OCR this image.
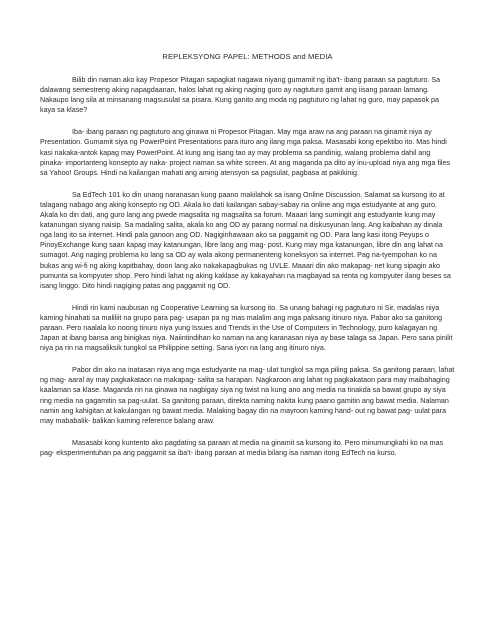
REPLEKSYONG PAPEL: METHODS and MEDIA

Bilib din naman ako kay Propesor Pitagan sapagkat nagawa niyang gumamit ng iba't- ibang paraan sa pagtuturo. Sa dalawang semestreng aking napagdaanan, halos lahat ng aking naging guro ay nagtuturo gamit ang iisang paraan lamang. Nakaupo lang sila at minsanang magsusulat sa pisara. Kung ganito ang moda ng pagtuturo ng lahat ng guro, may papasok pa kaya sa klase?

Iba- ibang paraan ng pagtuturo ang ginawa ni Propesor Pitagan. May mga araw na ang paraan na ginamit niya ay Presentation. Gumamit siya ng PowerPoint Presentations para ituro ang ilang mga paksa. Masasabi kong epektibo ito. Mas hindi kasi nakaka-antok kapag may PowerPoint. At kung ang isang tao ay may problema sa pandinig, walang problema dahil ang pinaka- importanteng konsepto ay naka- project naman sa white screen. At ang maganda pa dito ay inu-upload niya ang mga files sa Yahoo! Groups. Hindi na kailangan mahati ang aming atensyon sa pagsulat, pagbasa at pakikinig.

Sa EdTech 101 ko din unang naranasan kung paano makilahok sa isang Online Discussion. Salamat sa kursong ito at talagang nabago ang aking konsepto ng OD. Akala ko dati kailangan sabay-sabay na online ang mga estudyante at ang guro. Akala ko din dati, ang guro lang ang pwede magsalita ng magsalita sa forum. Maaari lang sumingit ang estudyante kung may katanungan siyang naisip. Sa madaling salita, akala ko ang OD ay parang normal na diskusyunan lang. Ang kaibahan ay dinala nga lang ito sa internet. Hindi pala ganoon ang OD. Nagiginhawaan ako sa paggamit ng OD. Para lang kasi itong Peyups o PinoyExchange kung saan kapag may katanungan, libre lang ang mag- post. Kung may mga katanungan, libre din ang lahat na sumagot. Ang naging problema ko lang sa OD ay wala akong permanenteng koneksyon sa internet. Pag na-tyempohan ko na bukas ang wi-fi ng aking kapitbahay, doon lang ako nakakapagbukas ng UVLE. Maaari din ako makapag- net kung sipagin ako pumunta sa kompyuter shop. Pero hindi lahat ng aking kaklase ay kakayahan na magbayad sa renta ng kompyuter ilang beses sa isang linggo. Dito hindi nagiging patas ang paggamit ng OD.

Hindi rin kami naubusan ng Cooperative Learning sa kursong ito. Sa unang bahagi ng pagtuturo ni Sir, madalas niya kaming hinahati sa maliliit na grupo para pag- usapan pa ng mas malalim ang mga paksang itinuro niya. Pabor ako sa ganitong paraan. Pero naalala ko noong tinuro niya yung Issues and Trends in the Use of Computers in Technology, puro kalagayan ng Japan at ibang bansa ang binigkas niya. Naiintindihan ko naman na ang karanasan niya ay base talaga sa Japan. Pero sana pinilit niya pa rin na magsaliksik tungkol sa Philippine setting. Sana iyon na lang ang itinuro niya.

Pabor din ako na inatasan niya ang mga estudyante na mag- ulat tungkol sa mga piling paksa. Sa ganitong paraan, lahat ng mag- aaral ay may pagkakataon na makapag- salita sa harapan. Nagkaroon ang lahat ng pagkakataon para may maibahaging kaalaman sa klase. Maganda rin na ginawa na nagbigay siya ng twist na kung ano ang media na tinakda sa bawat grupo ay siya ring media na gagamitin sa pag-uulat. Sa ganitong paraan, direkta naming nakita kung paano gamitin ang bawat media. Nalaman namin ang kahigitan at kakulangan ng bawat media. Malaking bagay din na mayroon kaming hand- out ng bawat pag- uulat para may mababalik- balikan kaming reference balang araw.

Masasabi kong kuntento ako pagdating sa paraan at media na ginamit sa kursong ito. Pero minumungkahi ko na mas pag- eksperimentuhan pa ang paggamit sa iba't- ibang paraan at media bilang isa naman itong EdTech na kurso.
